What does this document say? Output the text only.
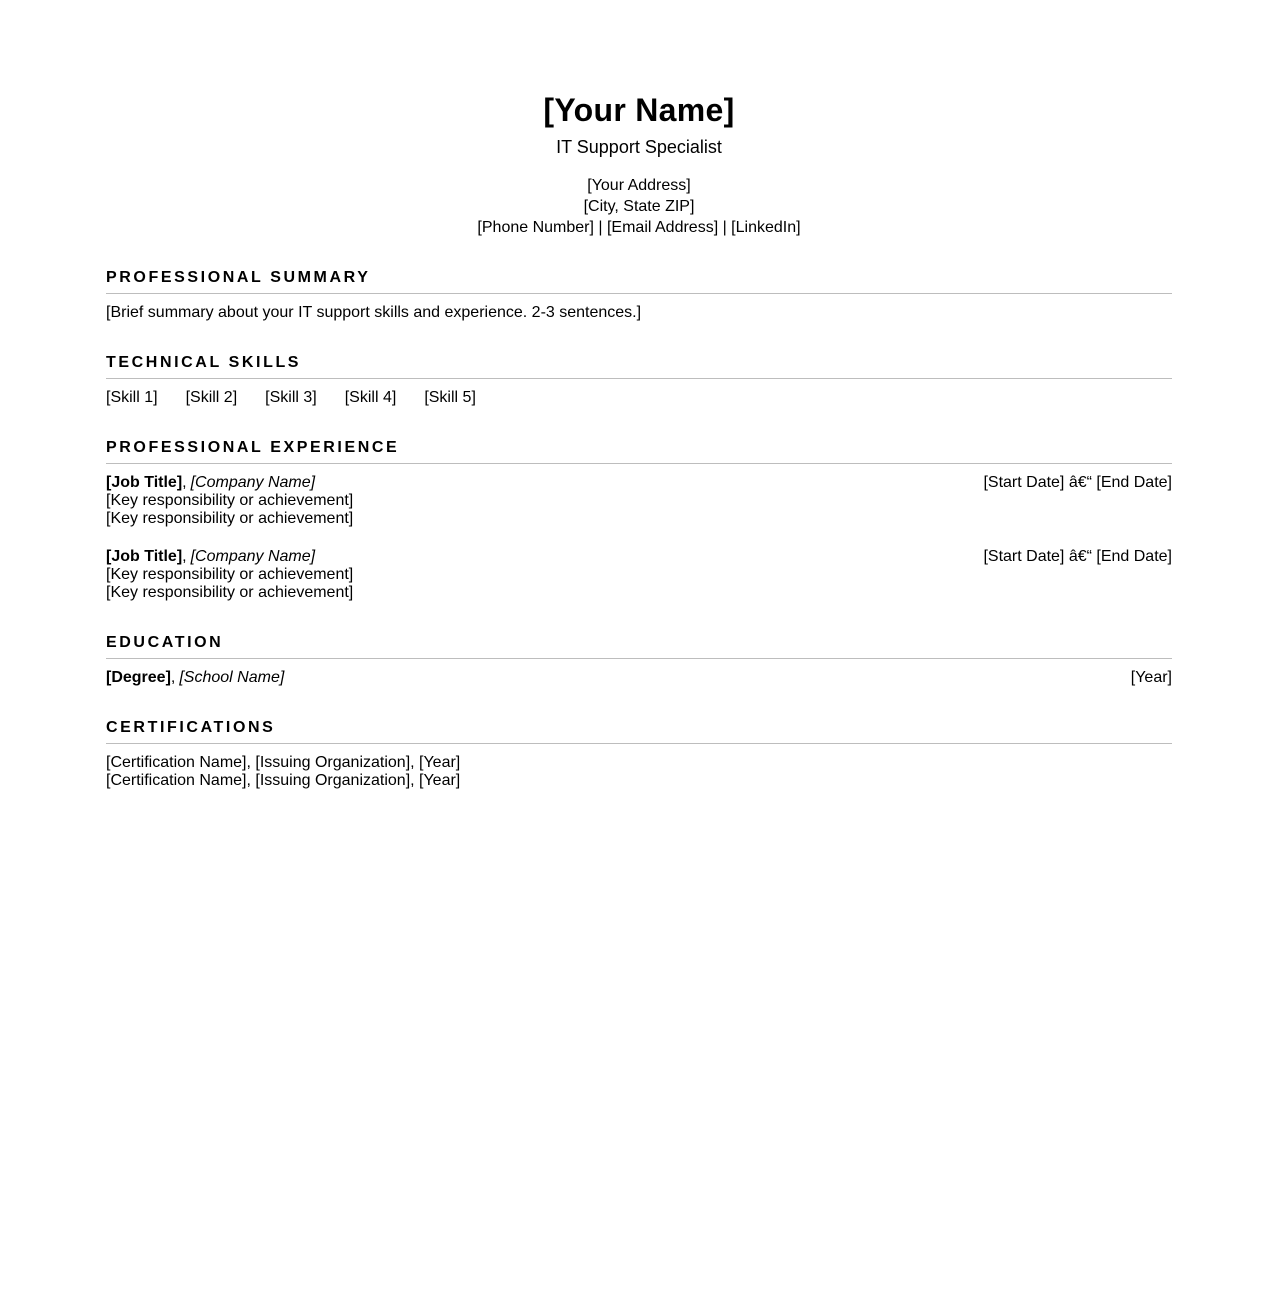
[Your Name]
IT Support Specialist
[Your Address]
[City, State ZIP]
[Phone Number] | [Email Address] | [LinkedIn]
PROFESSIONAL SUMMARY
[Brief summary about your IT support skills and experience. 2-3 sentences.]
TECHNICAL SKILLS
[Skill 1] [Skill 2] [Skill 3] [Skill 4] [Skill 5]
PROFESSIONAL EXPERIENCE
[Job Title], [Company Name]	[Start Date] â€“ [End Date]
[Key responsibility or achievement]
[Key responsibility or achievement]
[Job Title], [Company Name]	[Start Date] â€“ [End Date]
[Key responsibility or achievement]
[Key responsibility or achievement]
EDUCATION
[Degree], [School Name]	[Year]
CERTIFICATIONS
[Certification Name], [Issuing Organization], [Year]
[Certification Name], [Issuing Organization], [Year]
